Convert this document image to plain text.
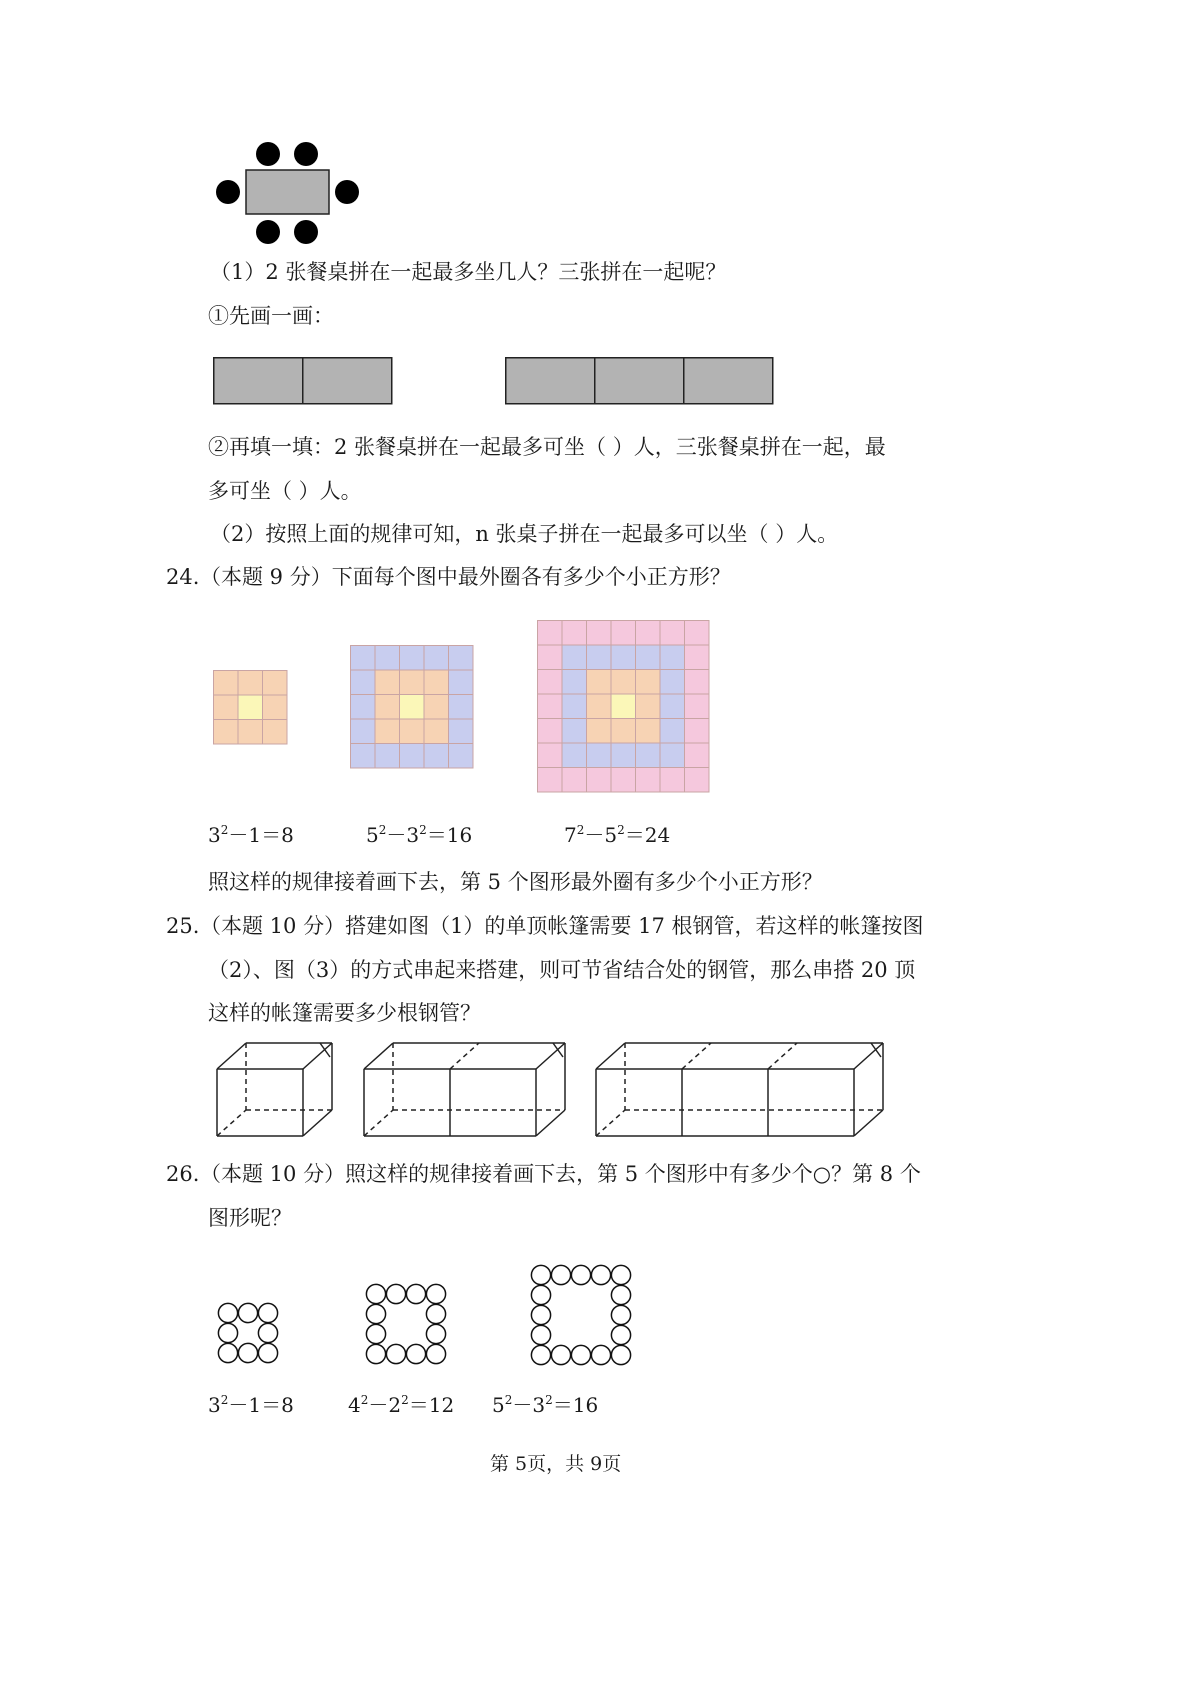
（1）2 张餐桌拼在一起最多坐几人？三张拼在一起呢？
①先画一画：
②再填一填：2 张餐桌拼在一起最多可坐（ ）人，三张餐桌拼在一起，最
多可坐（ ）人。
（2）按照上面的规律可知，n 张桌子拼在一起最多可以坐（ ）人。
24. （本题 9 分）下面每个图中最外圈各有多少个小正方形？
$3^2-1=8$	$5^2-3^2=16$	$7^2-5^2=24$
照这样的规律接着画下去，第 5 个图形最外圈有多少个小正方形？
25. （本题 10 分）搭建如图（1）的单顶帐篷需要 17 根钢管，若这样的帐篷按图
（2）、图（3）的方式串起来搭建，则可节省结合处的钢管，那么串搭 20 顶
这样的帐篷需要多少根钢管？
26. （本题 10 分）照这样的规律接着画下去，第 5 个图形中有多少个○？第 8 个
图形呢？
$3^2-1=8$	$4^2-2^2=12$ $5^2-3^2=16$
第 5页，共 9页
